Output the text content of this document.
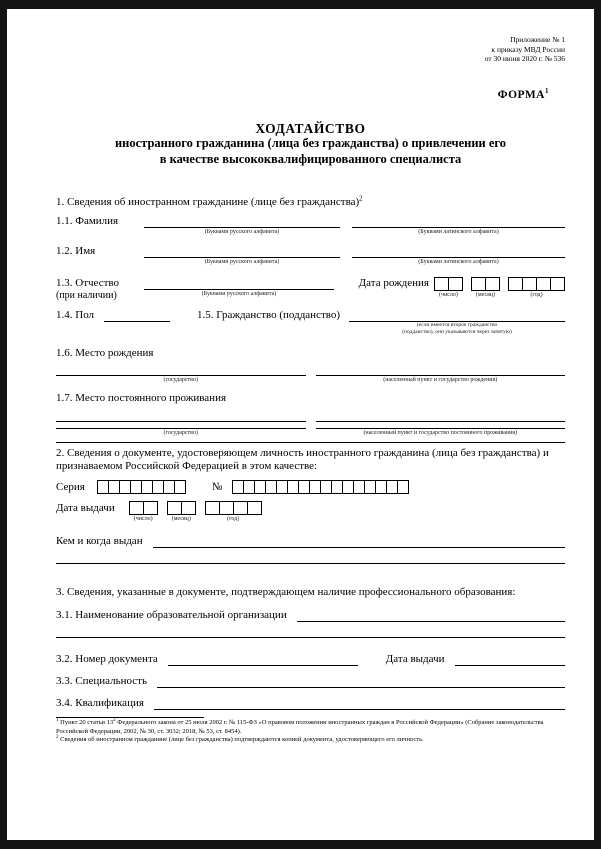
Приложение № 1
к приказу МВД России
от 30 июня 2020 г. № 536
ФОРМА$^1$
ХОДАТАЙСТВО
иностранного гражданина (лица без гражданства) о привлечении его
в качестве высококвалифицированного специалиста
1. Сведения об иностранном гражданине (лице без гражданства)$^2$
1.1. Фамилия
(Буквами русского алфавита)	(Буквами латинского алфавита)
1.2. Имя
(Буквами русского алфавита)	(Буквами латинского алфавита)
1.3. Отчество
(при наличии)	(Буквами русского алфавита)
Дата рождения
(число)	(месяц)	(год)
1.4. Пол	1.5. Гражданство (подданство)
(если имеется второе гражданство
(подданство), они указываются через запятую)
1.6. Место рождения
(государство)	(населенный пункт и государство рождения)
1.7. Место постоянного проживания
(государство)	(населенный пункт и государство постоянного проживания)
2. Сведения о документе, удостоверяющем личность иностранного гражданина (лица без гражданства) и признаваемом Российской Федерацией в этом качестве:
Серия	№
Дата выдачи
(число)	(месяц)	(год)
Кем и когда выдан
3. Сведения, указанные в документе, подтверждающем наличие профессионального образования:
3.1. Наименование образовательной организации
3.2. Номер документа	Дата выдачи
3.3. Специальность
3.4. Квалификация
$^1$ Пункт 20 статьи $13^2$ Федерального закона от 25 июля 2002 г. № 115-ФЗ «О правовом положении иностранных граждан в Российской Федерации» (Собрание законодательства Российской Федерации, 2002, № 30, ст. 3032; 2018, № 53, ст. 8454).
$^2$ Сведения об иностранном гражданине (лице без гражданства) подтверждаются копией документа, удостоверяющего его личность.
